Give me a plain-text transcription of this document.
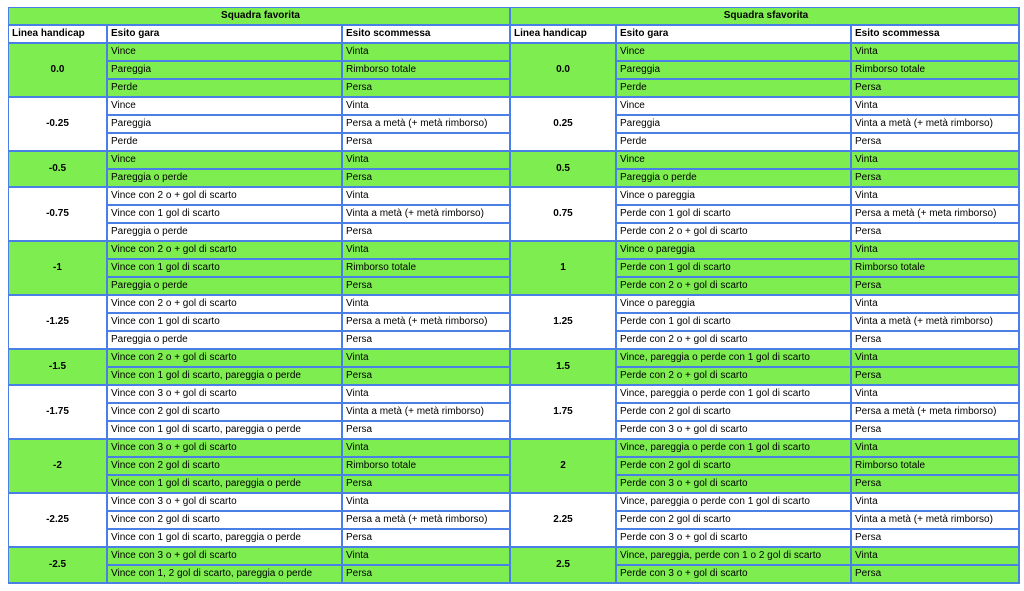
Squadra favorita			Squadra sfavorita		
Linea handicap	Esito gara	Esito scommessa	Linea handicap	Esito gara	Esito scommessa
0.0	Vince	Vinta	0.0	Vince	Vinta
	Pareggia	Rimborso totale		Pareggia	Rimborso totale
	Perde	Persa		Perde	Persa
-0.25	Vince	Vinta	0.25	Vince	Vinta
	Pareggia	Persa a metà (+ metà rimborso)		Pareggia	Vinta a metà (+ metà rimborso)
	Perde	Persa		Perde	Persa
-0.5	Vince	Vinta	0.5	Vince	Vinta
	Pareggia o perde	Persa		Pareggia o perde	Persa
-0.75	Vince con 2 o + gol di scarto	Vinta	0.75	Vince o pareggia	Vinta
	Vince con 1 gol di scarto	Vinta a metà (+ metà rimborso)		Perde con 1 gol di scarto	Persa a metà (+ meta rimborso)
	Pareggia o perde	Persa		Perde con 2 o + gol di scarto	Persa
-1	Vince con 2 o + gol di scarto	Vinta	1	Vince o pareggia	Vinta
	Vince con 1 gol di scarto	Rimborso totale		Perde con 1 gol di scarto	Rimborso totale
	Pareggia o perde	Persa		Perde con 2 o + gol di scarto	Persa
-1.25	Vince con 2 o + gol di scarto	Vinta	1.25	Vince o pareggia	Vinta
	Vince con 1 gol di scarto	Persa a metà (+ metà rimborso)		Perde con 1 gol di scarto	Vinta a metà (+ metà rimborso)
	Pareggia o perde	Persa		Perde con 2 o + gol di scarto	Persa
-1.5	Vince con 2 o + gol di scarto	Vinta	1.5	Vince, pareggia o perde con 1 gol di scarto	Vinta
	Vince con 1 gol di scarto, pareggia o perde	Persa		Perde con 2 o + gol di scarto	Persa
-1.75	Vince con 3 o + gol di scarto	Vinta	1.75	Vince, pareggia o perde con 1 gol di scarto	Vinta
	Vince con 2 gol di scarto	Vinta a metà (+ metà rimborso)		Perde con 2 gol di scarto	Persa a metà (+ meta rimborso)
	Vince con 1 gol di scarto, pareggia o perde	Persa		Perde con 3 o + gol di scarto	Persa
-2	Vince con 3 o + gol di scarto	Vinta	2	Vince, pareggia o perde con 1 gol di scarto	Vinta
	Vince con 2 gol di scarto	Rimborso totale		Perde con 2 gol di scarto	Rimborso totale
	Vince con 1 gol di scarto, pareggia o perde	Persa		Perde con 3 o + gol di scarto	Persa
-2.25	Vince con 3 o + gol di scarto	Vinta	2.25	Vince, pareggia o perde con 1 gol di scarto	Vinta
	Vince con 2 gol di scarto	Persa a metà (+ metà rimborso)		Perde con 2 gol di scarto	Vinta a metà (+ metà rimborso)
	Vince con 1 gol di scarto, pareggia o perde	Persa		Perde con 3 o + gol di scarto	Persa
-2.5	Vince con 3 o + gol di scarto	Vinta	2.5	Vince, pareggia, perde con 1 o 2 gol di scarto	Vinta
	Vince con 1, 2 gol di scarto, pareggia o perde	Persa		Perde con 3 o + gol di scarto	Persa
